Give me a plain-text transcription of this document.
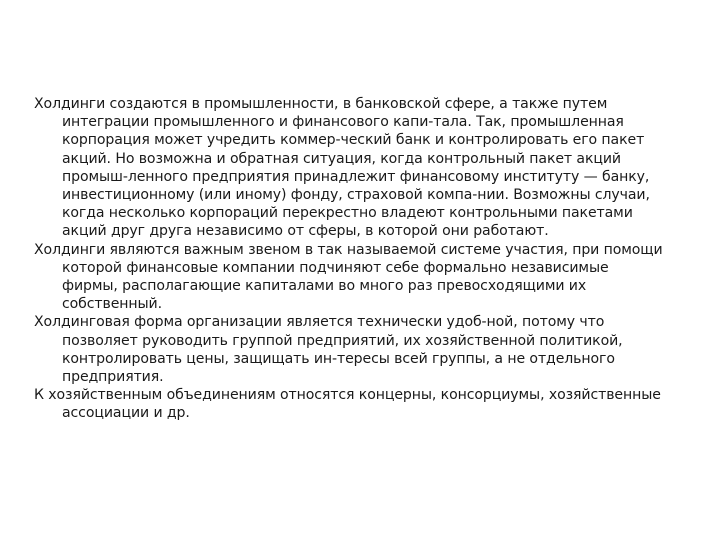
Холдинги создаются в промышленности, в банковской сфере, а также путем интеграции промышленного и финансового капи-тала. Так, промышленная корпорация может учредить коммер-ческий банк и контролировать его пакет акций. Но возможна и обратная ситуация, когда контрольный пакет акций промыш-ленного предприятия принадлежит финансовому институту — банку, инвестиционному (или иному) фонду, страховой компа-нии. Возможны случаи, когда несколько корпораций перекрестно владеют контрольными пакетами акций друг друга независимо от сферы, в которой они работают.

Холдинги являются важным звеном в так называемой системе участия, при помощи которой финансовые компании подчиняют себе формально независимые фирмы, располагающие капиталами во много раз превосходящими их собственный.

Холдинговая форма организации является технически удоб-ной, потому что позволяет руководить группой предприятий, их хозяйственной политикой, контролировать цены, защищать ин-тересы всей группы, а не отдельного предприятия.

К хозяйственным объединениям относятся концерны, консорциумы, хозяйственные ассоциации и др.
